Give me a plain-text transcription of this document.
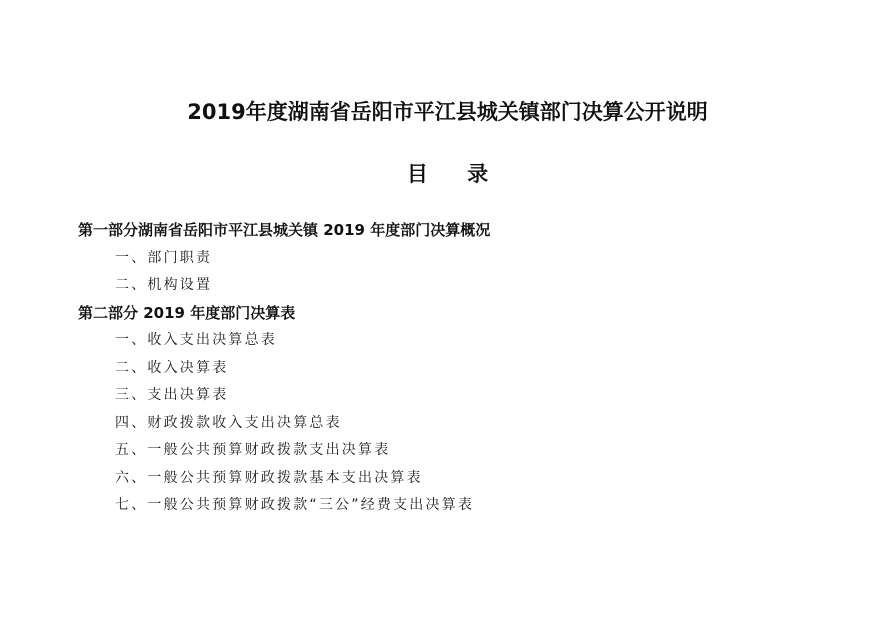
2019年度湖南省岳阳市平江县城关镇部门决算公开说明
目 录
第一部分湖南省岳阳市平江县城关镇 2019 年度部门决算概况
一、部门职责
二、机构设置
第二部分 2019 年度部门决算表
一、收入支出决算总表
二、收入决算表
三、支出决算表
四、财政拨款收入支出决算总表
五、一般公共预算财政拨款支出决算表
六、一般公共预算财政拨款基本支出决算表
七、一般公共预算财政拨款“三公”经费支出决算表
